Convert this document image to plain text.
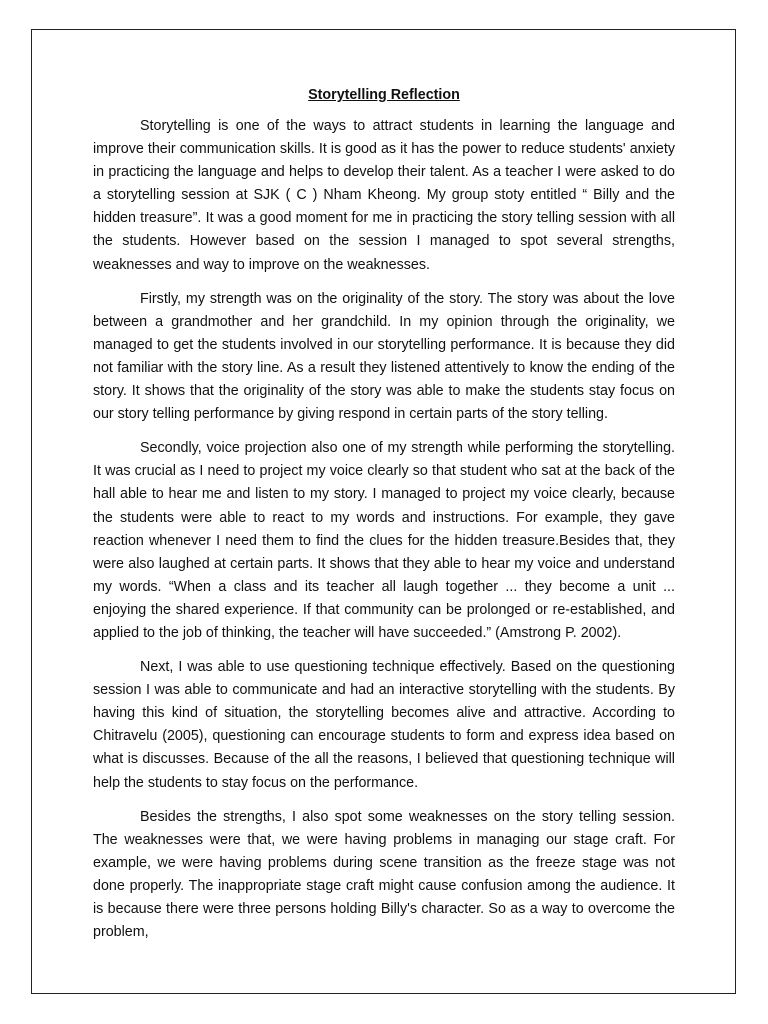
Storytelling Reflection

Storytelling is one of the ways to attract students in learning the language and improve their communication skills. It is good as it has the power to reduce students' anxiety in practicing the language and helps to develop their talent. As a teacher I were asked to do a storytelling session at SJK ( C ) Nham Kheong. My group stoty entitled “ Billy and the hidden treasure”. It was a good moment for me in practicing the story telling session with all the students. However based on the session I managed to spot several strengths, weaknesses and way to improve on the weaknesses.

Firstly, my strength was on the originality of the story. The story was about the love between a grandmother and her grandchild. In my opinion through the originality, we managed to get the students involved in our storytelling performance. It is because they did not familiar with the story line. As a result they listened attentively to know the ending of the story. It shows that the originality of the story was able to make the students stay focus on our story telling performance by giving respond in certain parts of the story telling.

Secondly, voice projection also one of my strength while performing the storytelling. It was crucial as I need to project my voice clearly so that student who sat at the back of the hall able to hear me and listen to my story. I managed to project my voice clearly, because the students were able to react to my words and instructions. For example, they gave reaction whenever I need them to find the clues for the hidden treasure.Besides that, they were also laughed at certain parts. It shows that they able to hear my voice and understand my words. “When a class and its teacher all laugh together ... they become a unit ... enjoying the shared experience. If that community can be prolonged or re-established, and applied to the job of thinking, the teacher will have succeeded.” (Amstrong P. 2002).

Next, I was able to use questioning technique effectively. Based on the questioning session I was able to communicate and had an interactive storytelling with the students. By having this kind of situation, the storytelling becomes alive and attractive. According to Chitravelu (2005), questioning can encourage students to form and express idea based on what is discusses. Because of the all the reasons, I believed that questioning technique will help the students to stay focus on the performance.

Besides the strengths, I also spot some weaknesses on the story telling session. The weaknesses were that, we were having problems in managing our stage craft. For example, we were having problems during scene transition as the freeze stage was not done properly. The inappropriate stage craft might cause confusion among the audience. It is because there were three persons holding Billy's character. So as a way to overcome the problem,
